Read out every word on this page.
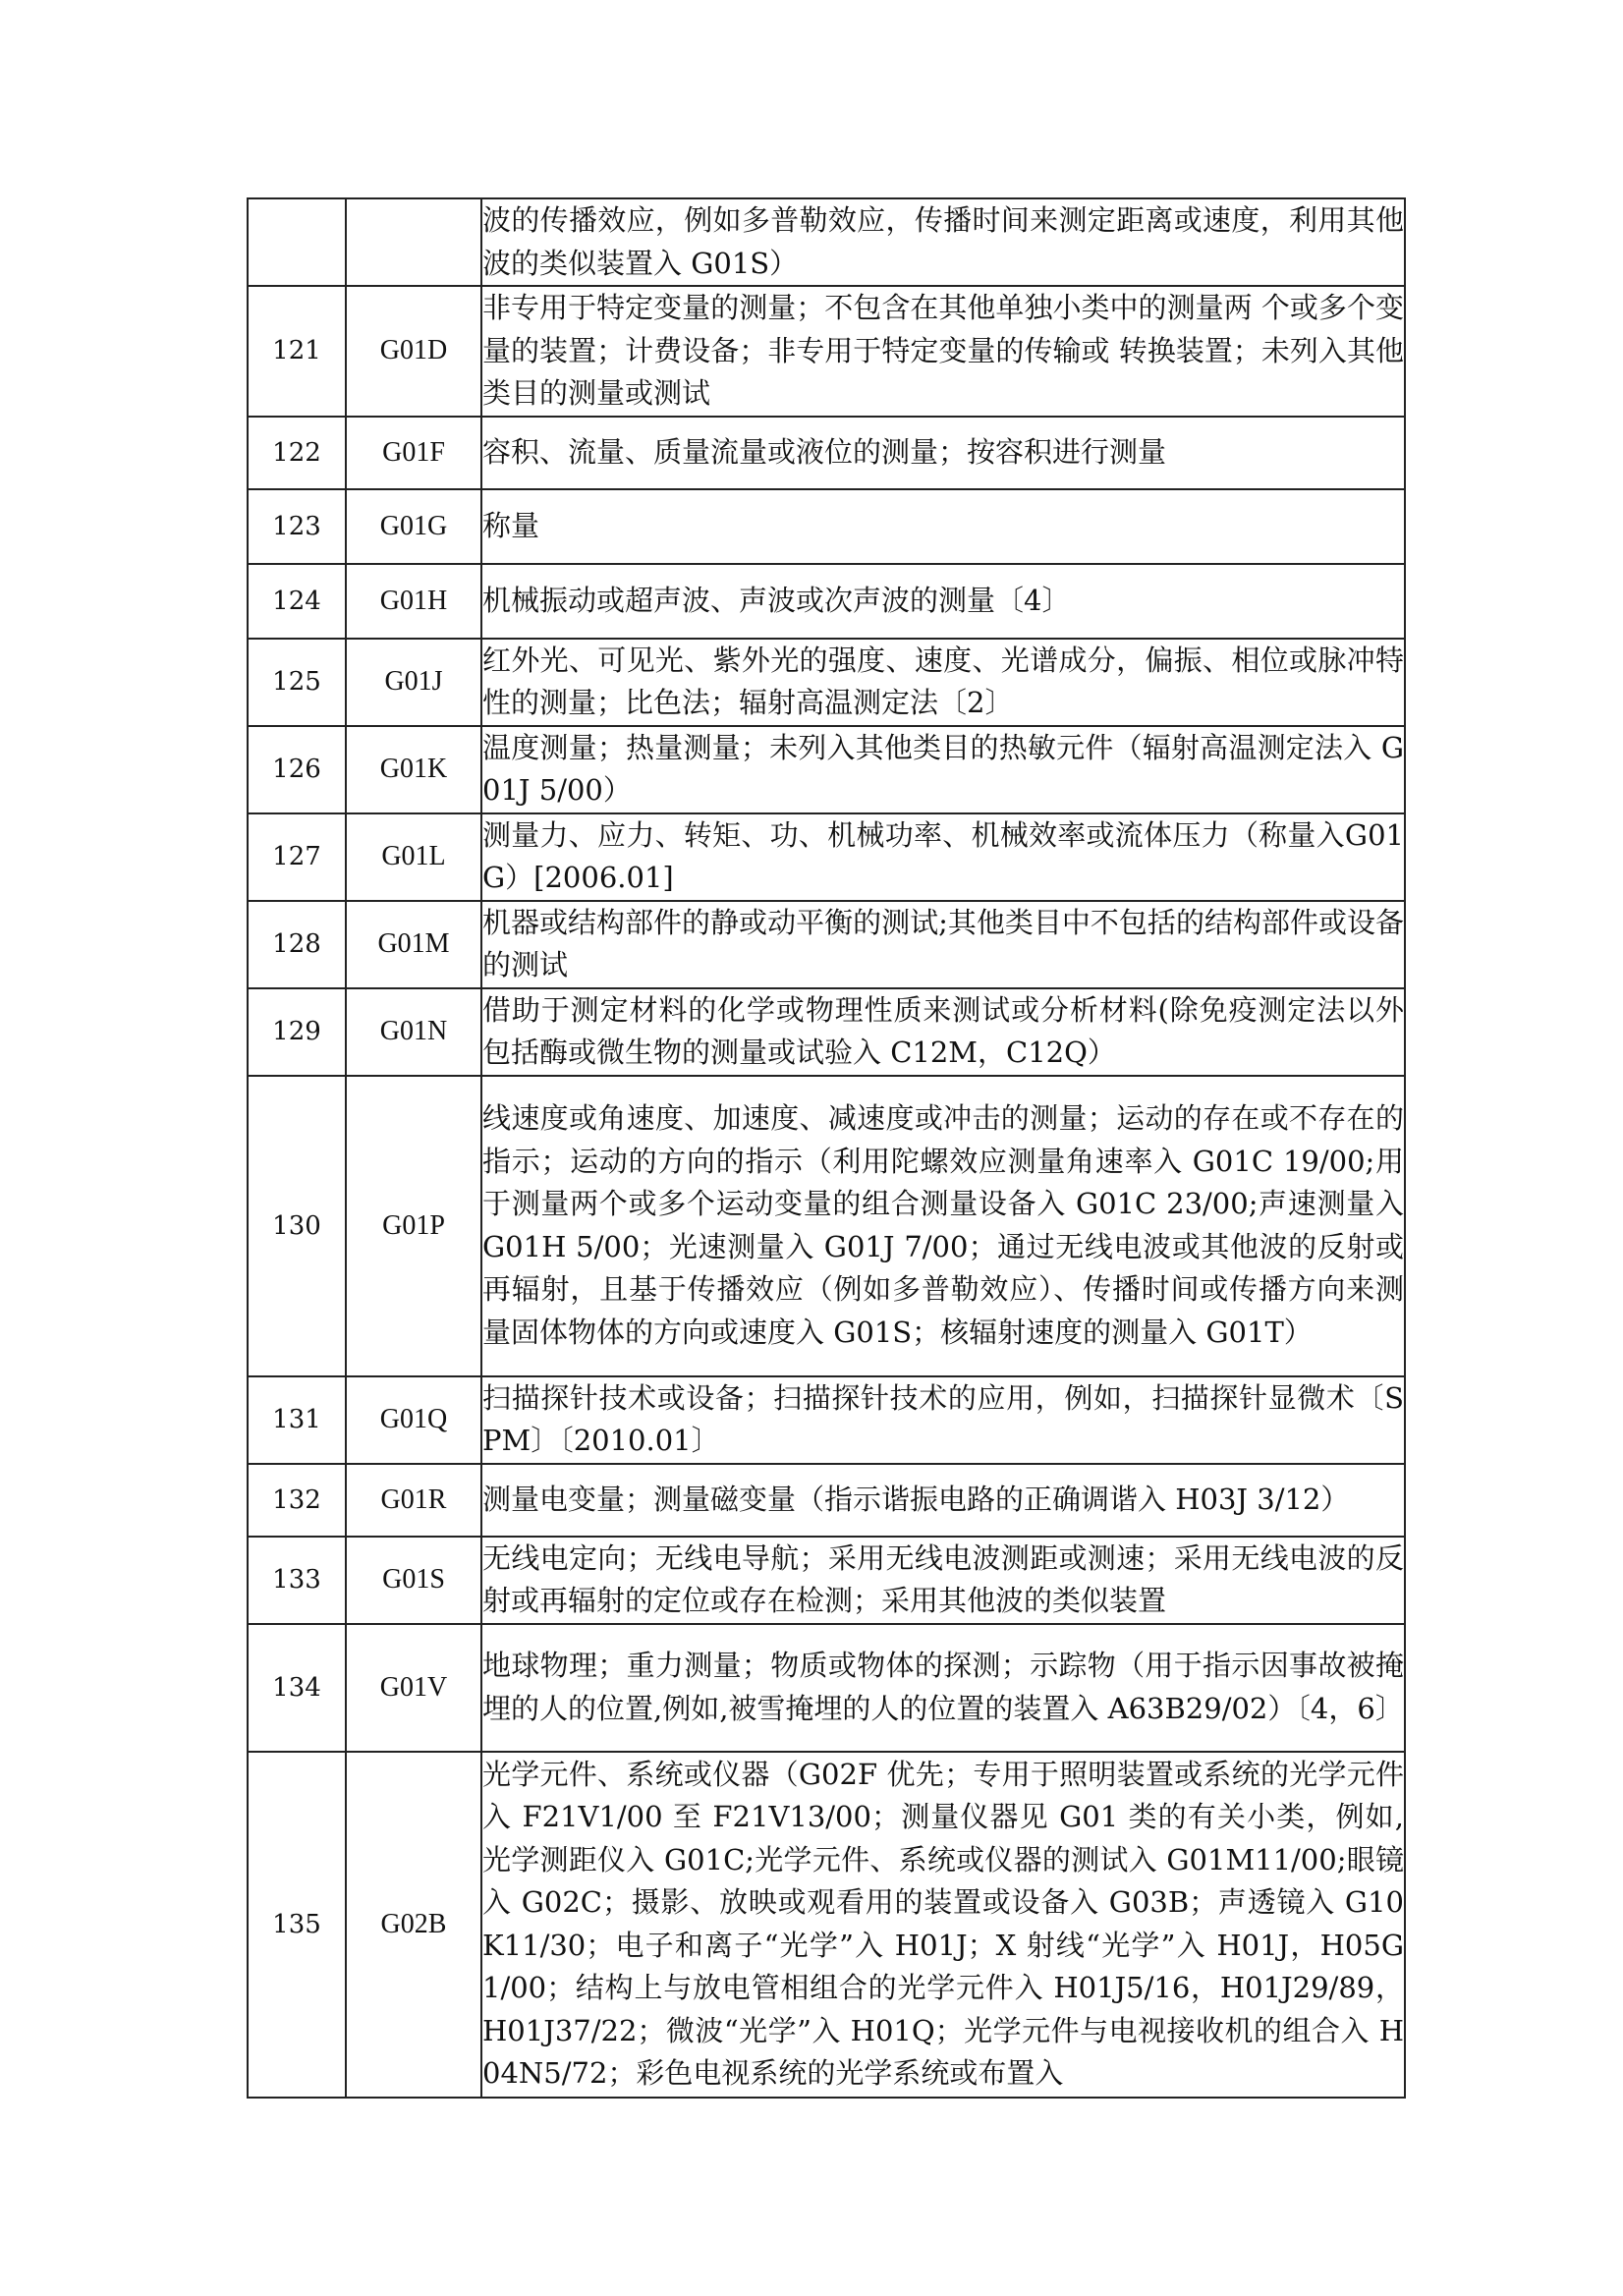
		波的传播效应，例如多普勒效应，传播时间来测定距离或速度，利用其他波的类似装置入 G01S）
121	G01D	非专用于特定变量的测量；不包含在其他单独小类中的测量两 个或多个变量的装置；计费设备；非专用于特定变量的传输或 转换装置；未列入其他类目的测量或测试
122	G01F	容积、流量、质量流量或液位的测量；按容积进行测量
123	G01G	称量
124	G01H	机械振动或超声波、声波或次声波的测量〔4〕
125	G01J	红外光、可见光、紫外光的强度、速度、光谱成分，偏振、相位或脉冲特性的测量；比色法；辐射高温测定法〔2〕
126	G01K	温度测量；热量测量；未列入其他类目的热敏元件（辐射高温测定法入 G01J 5/00）
127	G01L	测量力、应力、转矩、功、机械功率、机械效率或流体压力（称量入G01G）[2006.01]
128	G01M	机器或结构部件的静或动平衡的测试;其他类目中不包括的结构部件或设备的测试
129	G01N	借助于测定材料的化学或物理性质来测试或分析材料(除免疫测定法以外包括酶或微生物的测量或试验入 C12M，C12Q）
130	G01P	线速度或角速度、加速度、减速度或冲击的测量；运动的存在或不存在的指示；运动的方向的指示（利用陀螺效应测量角速率入 G01C 19/00;用于测量两个或多个运动变量的组合测量设备入 G01C 23/00;声速测量入 G01H 5/00；光速测量入 G01J 7/00；通过无线电波或其他波的反射或再辐射，且基于传播效应（例如多普勒效应）、传播时间或传播方向来测量固体物体的方向或速度入 G01S；核辐射速度的测量入 G01T）
131	G01Q	扫描探针技术或设备；扫描探针技术的应用，例如，扫描探针显微术〔SPM〕〔2010.01〕
132	G01R	测量电变量；测量磁变量（指示谐振电路的正确调谐入 H03J 3/12）
133	G01S	无线电定向；无线电导航；采用无线电波测距或测速；采用无线电波的反射或再辐射的定位或存在检测；采用其他波的类似装置
134	G01V	地球物理；重力测量；物质或物体的探测；示踪物（用于指示因事故被掩埋的人的位置,例如,被雪掩埋的人的位置的装置入 A63B29/02）〔4，6〕
135	G02B	光学元件、系统或仪器（G02F 优先；专用于照明装置或系统的光学元件入 F21V1/00 至 F21V13/00；测量仪器见 G01 类的有关小类，例如,光学测距仪入 G01C;光学元件、系统或仪器的测试入 G01M11/00;眼镜入 G02C；摄影、放映或观看用的装置或设备入 G03B；声透镜入 G10K11/30；电子和离子“光学”入 H01J；X 射线“光学”入 H01J，H05G1/00；结构上与放电管相组合的光学元件入 H01J5/16，H01J29/89，H01J37/22；微波“光学”入 H01Q；光学元件与电视接收机的组合入 H04N5/72；彩色电视系统的光学系统或布置入
